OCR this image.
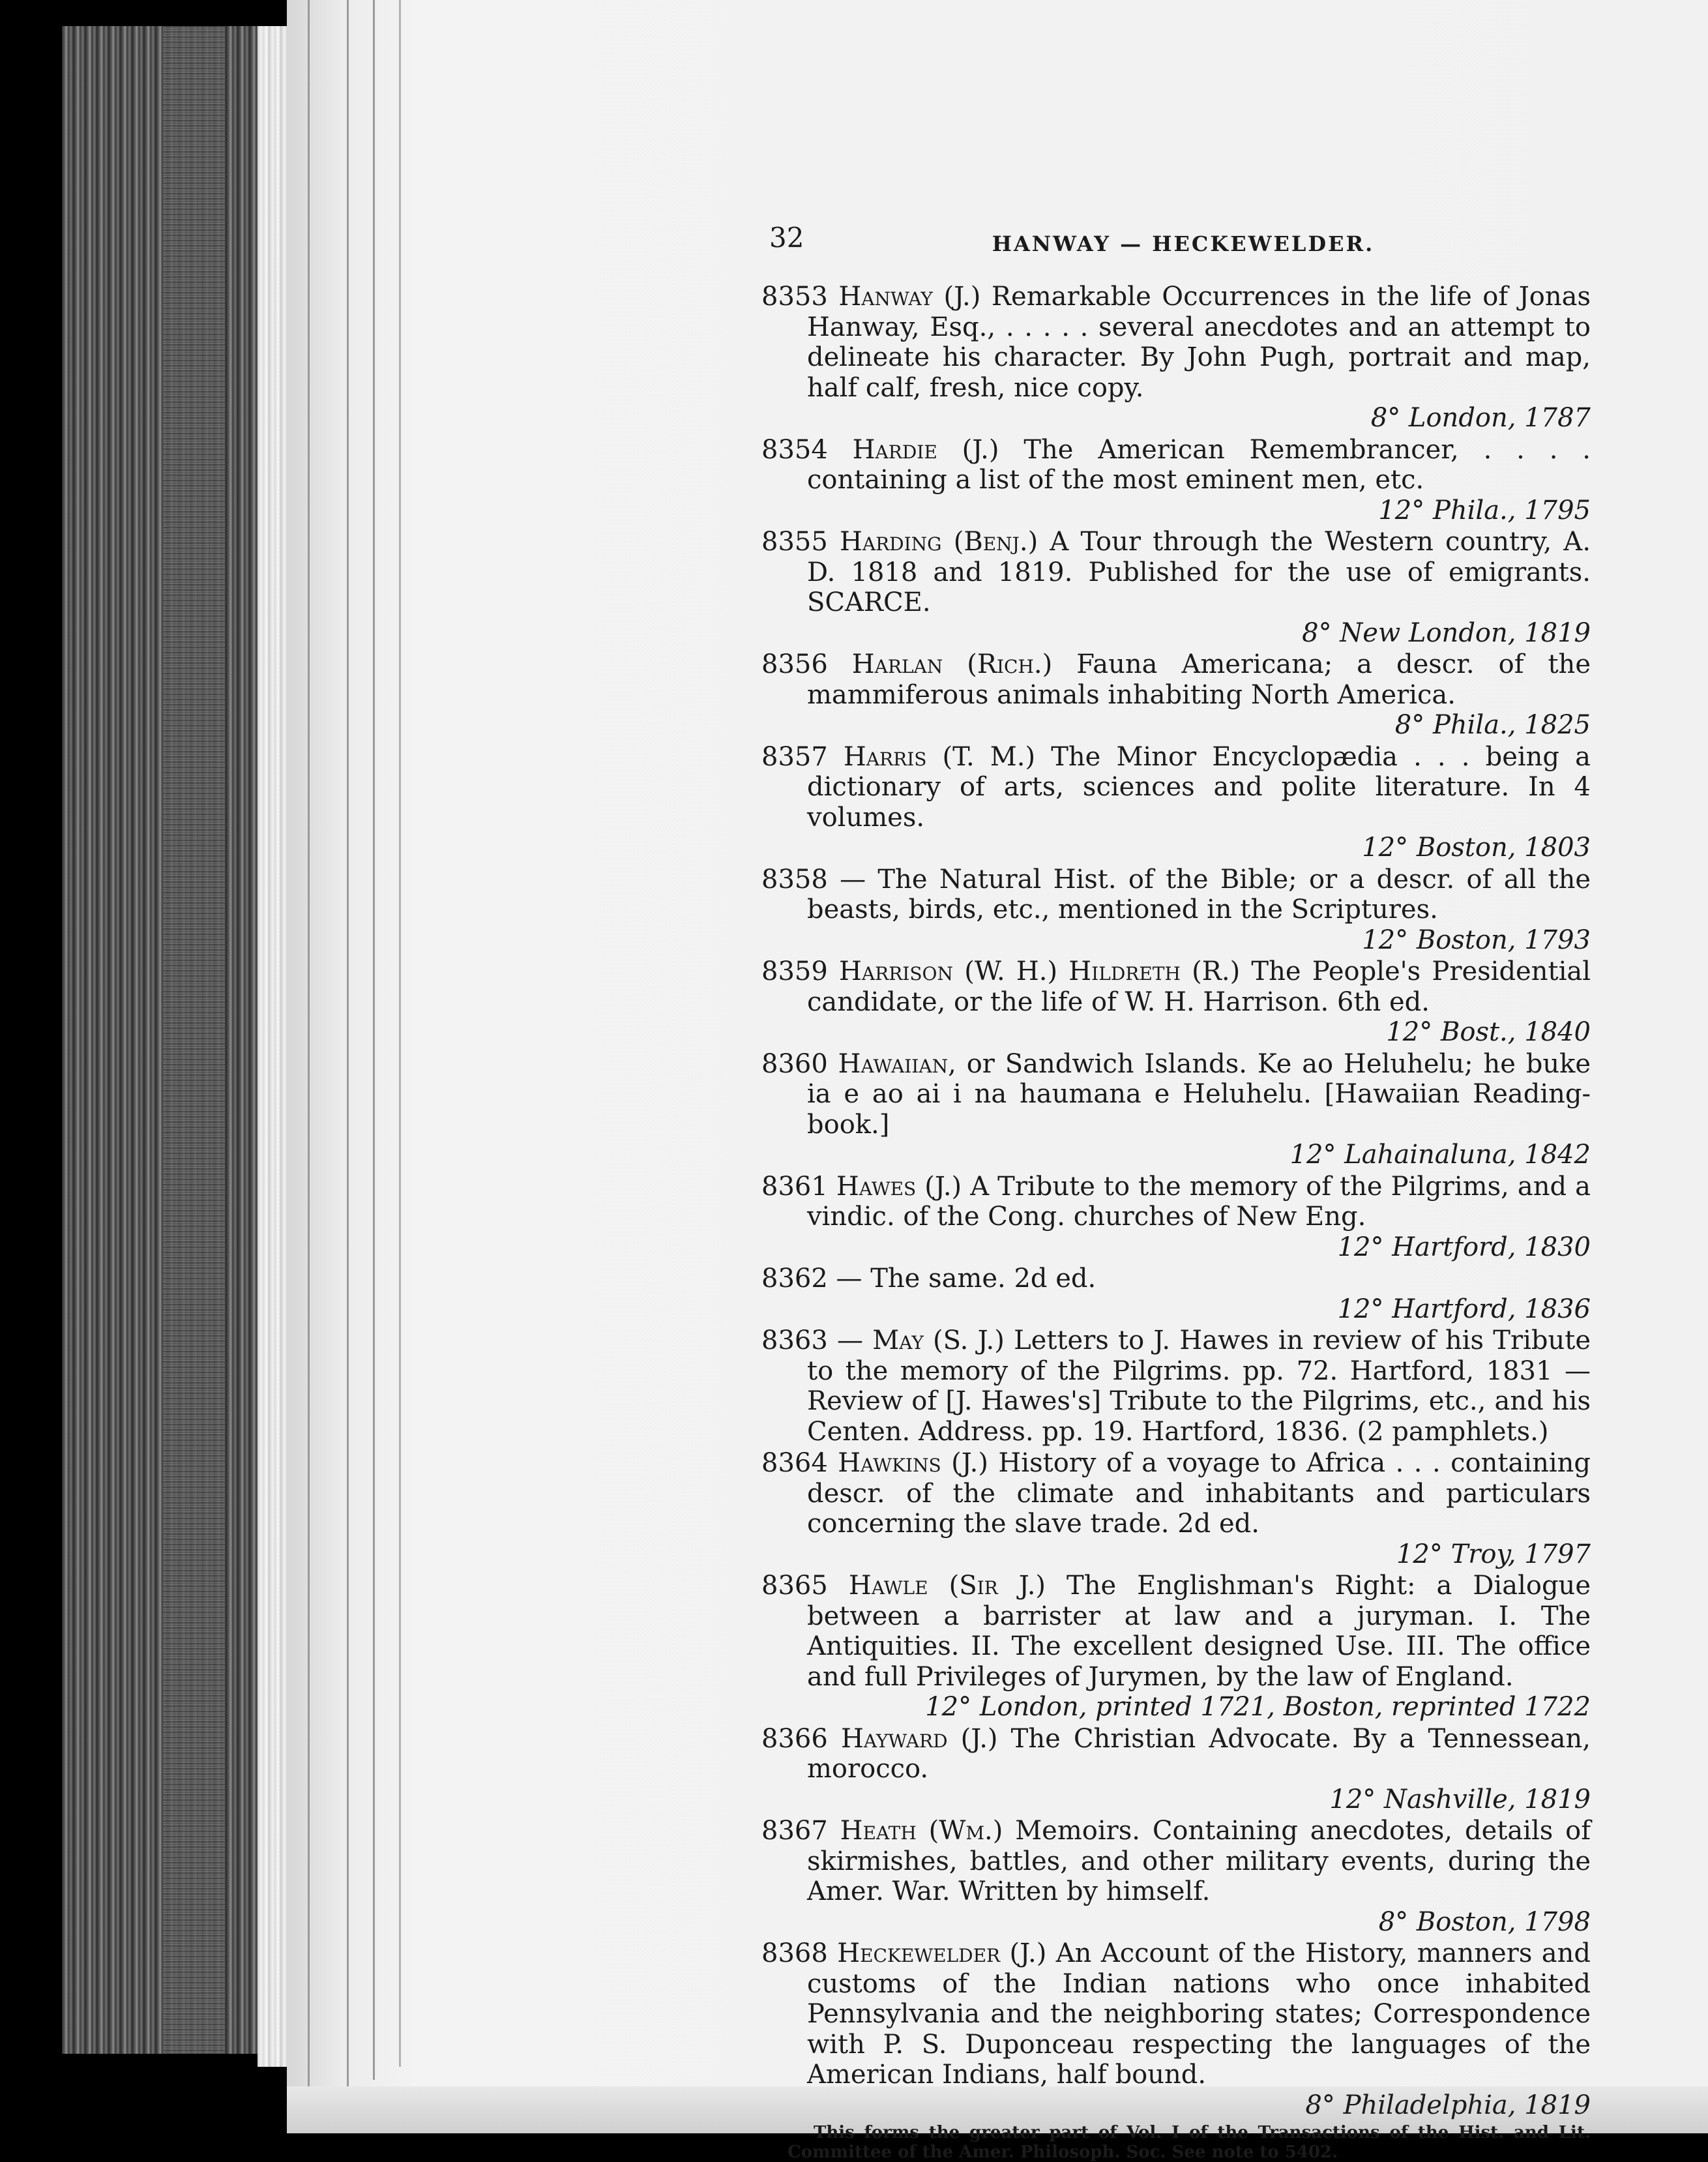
32	HANWAY — HECKEWELDER.
8353 Hanway (J.) Remarkable Occurrences in the life of Jonas Hanway, Esq., . . . . . several anecdotes and an attempt to delineate his character. By John Pugh, portrait and map, half calf, fresh, nice copy.
8° London, 1787
8354 Hardie (J.) The American Remembrancer, . . . . containing a list of the most eminent men, etc.
12° Phila., 1795
8355 Harding (Benj.) A Tour through the Western country, A. D. 1818 and 1819. Published for the use of emigrants. SCARCE.
8° New London, 1819
8356 Harlan (Rich.) Fauna Americana; a descr. of the mammiferous animals inhabiting North America.
8° Phila., 1825
8357 Harris (T. M.) The Minor Encyclopædia . . . being a dictionary of arts, sciences and polite literature. In 4 volumes.
12° Boston, 1803
8358 — The Natural Hist. of the Bible; or a descr. of all the beasts, birds, etc., mentioned in the Scriptures.
12° Boston, 1793
8359 Harrison (W. H.) Hildreth (R.) The People's Presidential candidate, or the life of W. H. Harrison. 6th ed.
12° Bost., 1840
8360 Hawaiian, or Sandwich Islands. Ke ao Heluhelu; he buke ia e ao ai i na haumana e Heluhelu. [Hawaiian Reading-book.]
12° Lahainaluna, 1842
8361 Hawes (J.) A Tribute to the memory of the Pilgrims, and a vindic. of the Cong. churches of New Eng.
12° Hartford, 1830
8362 — The same. 2d ed.
12° Hartford, 1836
8363 — May (S. J.) Letters to J. Hawes in review of his Tribute to the memory of the Pilgrims. pp. 72. Hartford, 1831 — Review of [J. Hawes's] Tribute to the Pilgrims, etc., and his Centen. Address. pp. 19. Hartford, 1836. (2 pamphlets.)
8364 Hawkins (J.) History of a voyage to Africa . . . containing descr. of the climate and inhabitants and particulars concerning the slave trade. 2d ed.
12° Troy, 1797
8365 Hawle (Sir J.) The Englishman's Right: a Dialogue between a barrister at law and a juryman. I. The Antiquities. II. The excellent designed Use. III. The office and full Privileges of Jurymen, by the law of England.
12° London, printed 1721, Boston, reprinted 1722
8366 Hayward (J.) The Christian Advocate. By a Tennessean, morocco.
12° Nashville, 1819
8367 Heath (Wm.) Memoirs. Containing anecdotes, details of skirmishes, battles, and other military events, during the Amer. War. Written by himself.
8° Boston, 1798
8368 Heckewelder (J.) An Account of the History, manners and customs of the Indian nations who once inhabited Pennsylvania and the neighboring states; Correspondence with P. S. Duponceau respecting the languages of the American Indians, half bound.
8° Philadelphia, 1819
This forms the greater part of Vol. I of the Transactions of the Hist. and Lit. Committee of the Amer. Philosoph. Soc. See note to 5402.
